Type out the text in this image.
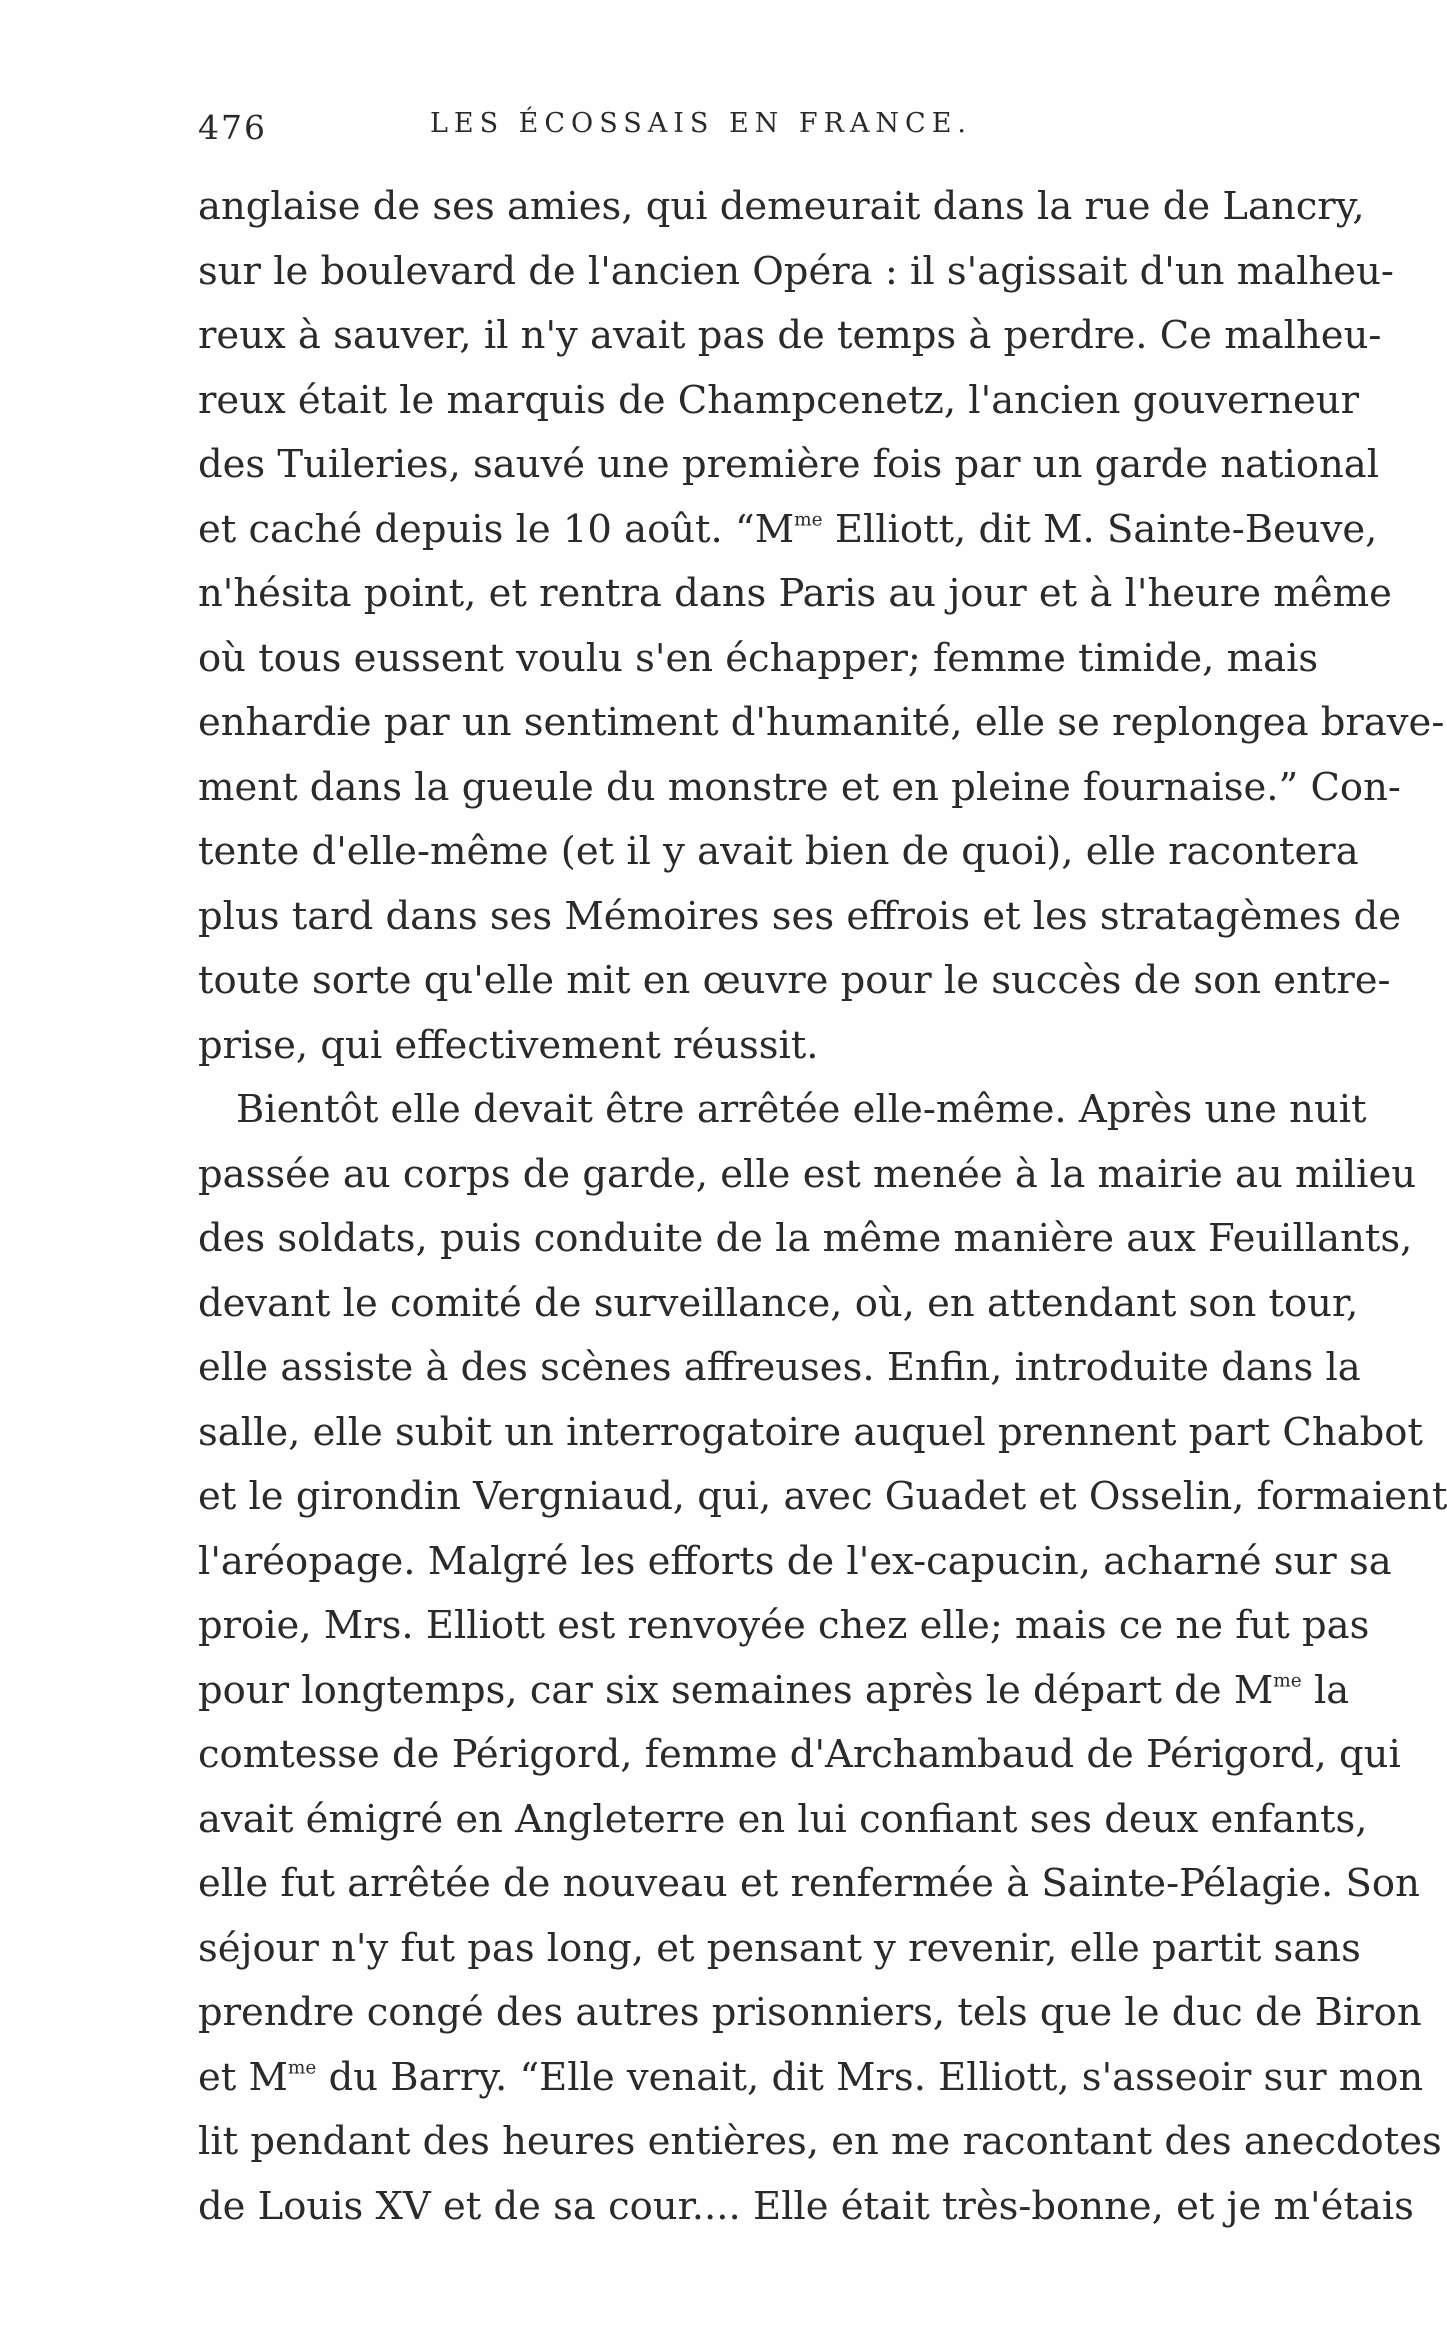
476	LES ÉCOSSAIS EN FRANCE.
anglaise de ses amies, qui demeurait dans la rue de Lancry,
sur le boulevard de l'ancien Opéra : il s'agissait d'un malheu-
reux à sauver, il n'y avait pas de temps à perdre. Ce malheu-
reux était le marquis de Champcenetz, l'ancien gouverneur
des Tuileries, sauvé une première fois par un garde national
et caché depuis le 10 août. “$M^{me}$ Elliott, dit M. Sainte-Beuve,
n'hésita point, et rentra dans Paris au jour et à l'heure même
où tous eussent voulu s'en échapper; femme timide, mais
enhardie par un sentiment d'humanité, elle se replongea brave-
ment dans la gueule du monstre et en pleine fournaise.” Con-
tente d'elle-même (et il y avait bien de quoi), elle racontera
plus tard dans ses Mémoires ses effrois et les stratagèmes de
toute sorte qu'elle mit en œuvre pour le succès de son entre-
prise, qui effectivement réussit.
Bientôt elle devait être arrêtée elle-même. Après une nuit
passée au corps de garde, elle est menée à la mairie au milieu
des soldats, puis conduite de la même manière aux Feuillants,
devant le comité de surveillance, où, en attendant son tour,
elle assiste à des scènes affreuses. Enfin, introduite dans la
salle, elle subit un interrogatoire auquel prennent part Chabot
et le girondin Vergniaud, qui, avec Guadet et Osselin, formaient
l'aréopage. Malgré les efforts de l'ex-capucin, acharné sur sa
proie, Mrs. Elliott est renvoyée chez elle; mais ce ne fut pas
pour longtemps, car six semaines après le départ de $M^{me}$ la
comtesse de Périgord, femme d'Archambaud de Périgord, qui
avait émigré en Angleterre en lui confiant ses deux enfants,
elle fut arrêtée de nouveau et renfermée à Sainte-Pélagie. Son
séjour n'y fut pas long, et pensant y revenir, elle partit sans
prendre congé des autres prisonniers, tels que le duc de Biron
et $M^{me}$ du Barry. “Elle venait, dit Mrs. Elliott, s'asseoir sur mon
lit pendant des heures entières, en me racontant des anecdotes
de Louis XV et de sa cour.... Elle était très-bonne, et je m'étais
